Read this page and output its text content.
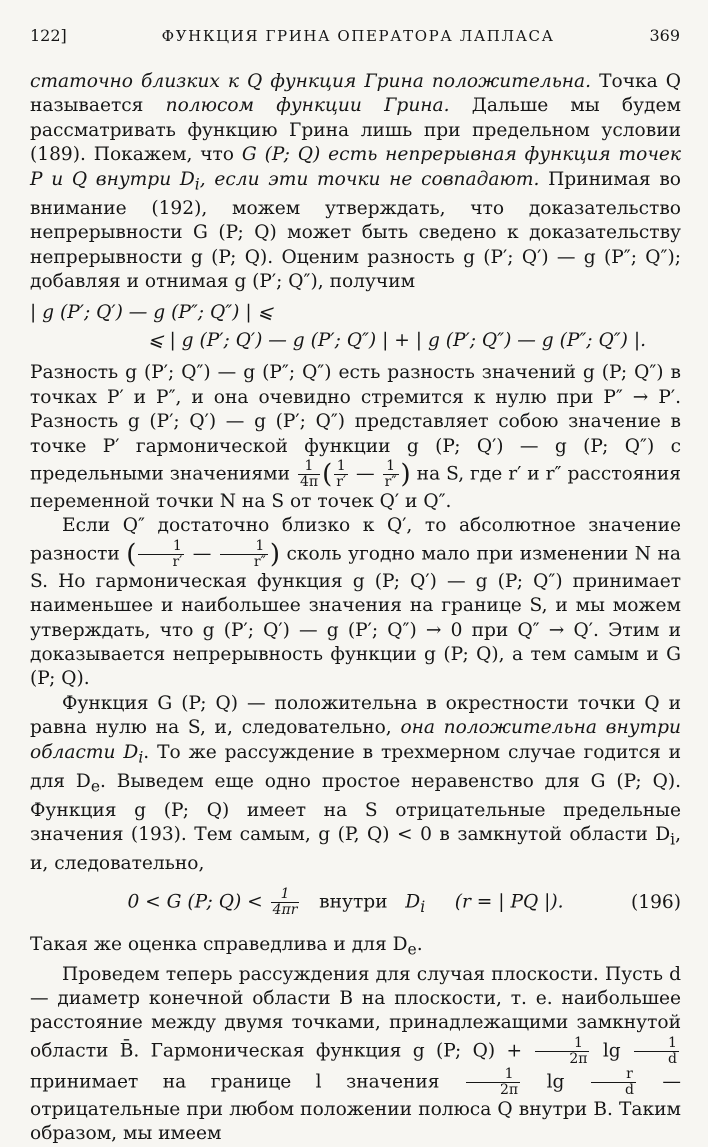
122]	ФУНКЦИЯ ГРИНА ОПЕРАТОРА ЛАПЛАСА	369

статочно близких к Q функция Грина положительна. Точка Q называется полюсом функции Грина. Дальше мы будем рассматривать функцию Грина лишь при предельном условии (189). Покажем, что G (P; Q) есть непрерывная функция точек P и Q внутри $D_i$, если эти точки не совпадают. Принимая во внимание (192), можем утверждать, что доказательство непрерывности G (P; Q) может быть сведено к доказательству непрерывности g (P; Q). Оценим разность g (P′; Q′) — g (P″; Q″); добавляя и отнимая g (P′; Q″), получим

| g (P′; Q′) — g (P″; Q″) | ⩽
⩽ | g (P′; Q′) — g (P′; Q″) | + | g (P′; Q″) — g (P″; Q″) |.

Разность g (P′; Q″) — g (P″; Q″) есть разность значений g (P; Q″) в точках P′ и P″, и она очевидно стремится к нулю при P″ → P′. Разность g (P′; Q′) — g (P′; Q″) представляет собою значение в точке P′ гармонической функции g (P; Q′) — g (P; Q″) с предельными значениями $\frac{1}{4\pi}$ ( $\frac{1}{r'}$ — $\frac{1}{r''}$ ) на S, где r′ и r″ расстояния переменной точки N на S от точек Q′ и Q″.

Если Q″ достаточно близко к Q′, то абсолютное значение разности ( $\frac{1}{r'}$ — $\frac{1}{r''}$ ) сколь угодно мало при изменении N на S. Но гармоническая функция g (P; Q′) — g (P; Q″) принимает наименьшее и наибольшее значения на границе S, и мы можем утверждать, что g (P′; Q′) — g (P′; Q″) → 0 при Q″ → Q′. Этим и доказывается непрерывность функции g (P; Q), а тем самым и G (P; Q).

Функция G (P; Q) — положительна в окрестности точки Q и равна нулю на S, и, следовательно, она положительна внутри области $D_i$. То же рассуждение в трехмерном случае годится и для $D_e$. Выведем еще одно простое неравенство для G (P; Q). Функция g (P; Q) имеет на S отрицательные предельные значения (193). Тем самым, g (P, Q) < 0 в замкнутой области $D_i$, и, следовательно,

0 < G (P; $Q) < \frac{1}{4\pi r}$ внутри $D_i$ (r = | PQ |).	(196)

Такая же оценка справедлива и для $D_e$.

Проведем теперь рассуждения для случая плоскости. Пусть d — диаметр конечной области B на плоскости, т. е. наибольшее расстояние между двумя точками, принадлежащими замкнутой области B̄. Гармоническая функция g (P; $Q) + \frac{1}{2\pi}$ $\lg \frac{1}{d}$
принимает на границе l значения $\frac{1}{2\pi}$ $\lg \frac{r}{d}$ — отрицательные при любом положении полюса Q внутри B. Таким образом, мы имеем
